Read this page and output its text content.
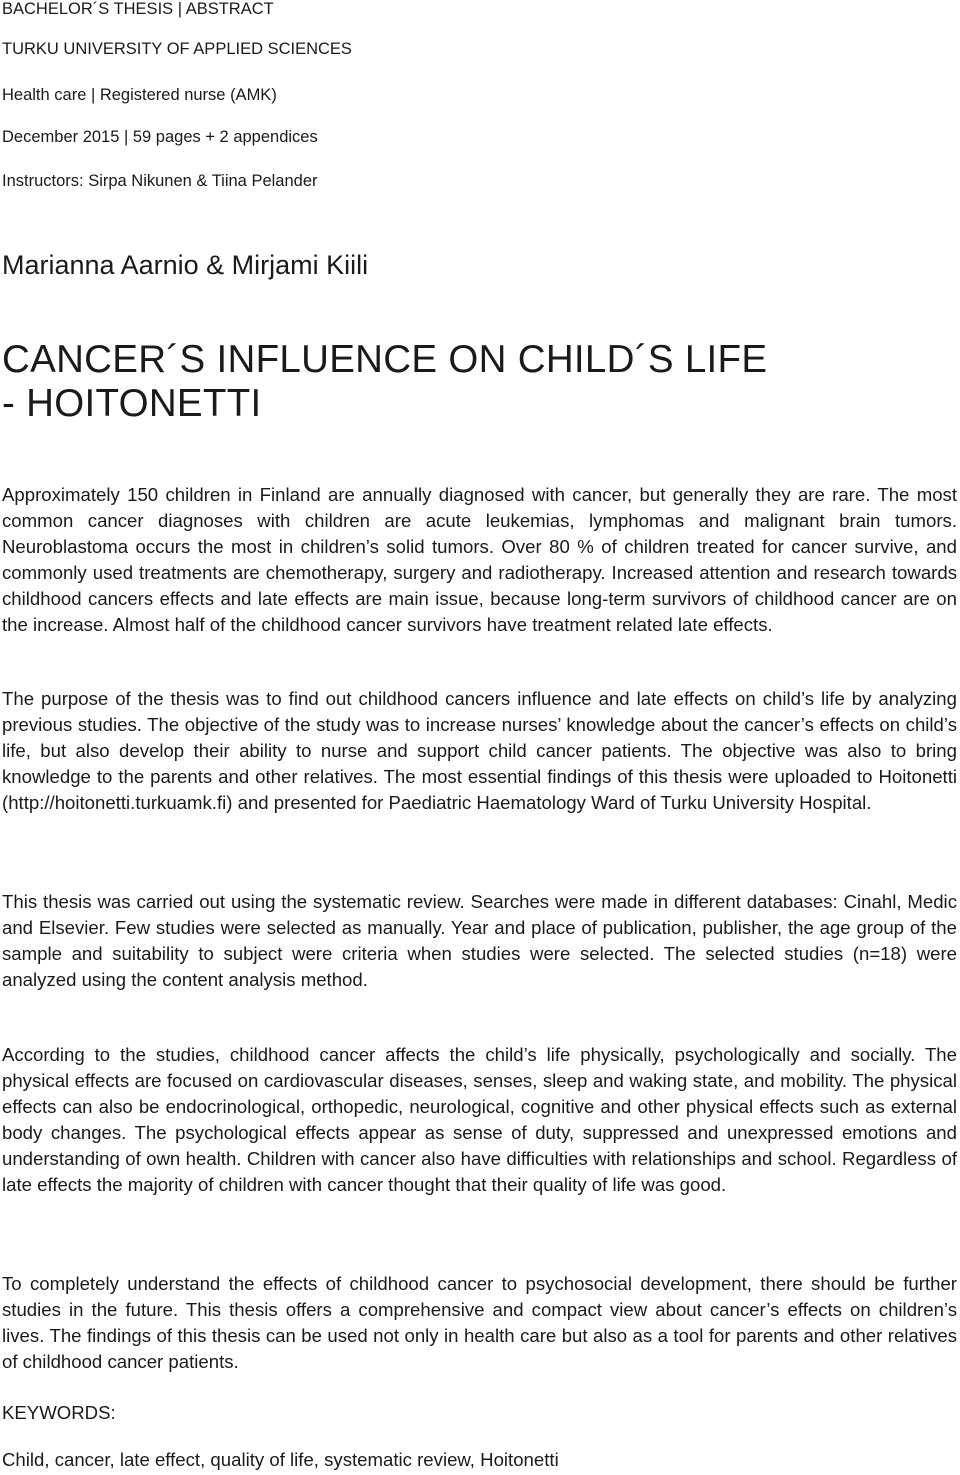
BACHELOR´S THESIS | ABSTRACT
TURKU UNIVERSITY OF APPLIED SCIENCES
Health care | Registered nurse (AMK)
December 2015 | 59 pages + 2 appendices
Instructors: Sirpa Nikunen & Tiina Pelander
Marianna Aarnio & Mirjami Kiili
CANCER´S INFLUENCE ON CHILD´S LIFE
- HOITONETTI

Approximately 150 children in Finland are annually diagnosed with cancer, but generally they are rare. The most common cancer diagnoses with children are acute leukemias, lymphomas and malignant brain tumors. Neuroblastoma occurs the most in children’s solid tumors. Over 80 % of children treated for cancer survive, and commonly used treatments are chemotherapy, surgery and radiotherapy. Increased attention and research towards childhood cancers effects and late effects are main issue, because long-term survivors of childhood cancer are on the increase. Almost half of the childhood cancer survivors have treatment related late effects.

The purpose of the thesis was to find out childhood cancers influence and late effects on child’s life by analyzing previous studies. The objective of the study was to increase nurses’ knowledge about the cancer’s effects on child’s life, but also develop their ability to nurse and support child cancer patients. The objective was also to bring knowledge to the parents and other relatives. The most essential findings of this thesis were uploaded to Hoitonetti (http://hoitonetti.turkuamk.fi) and presented for Paediatric Haematology Ward of Turku University Hospital.

This thesis was carried out using the systematic review. Searches were made in different databases: Cinahl, Medic and Elsevier. Few studies were selected as manually. Year and place of publication, publisher, the age group of the sample and suitability to subject were criteria when studies were selected. The selected studies (n=18) were analyzed using the content analysis method.

According to the studies, childhood cancer affects the child’s life physically, psychologically and socially. The physical effects are focused on cardiovascular diseases, senses, sleep and waking state, and mobility. The physical effects can also be endocrinological, orthopedic, neurological, cognitive and other physical effects such as external body changes. The psychological effects appear as sense of duty, suppressed and unexpressed emotions and understanding of own health. Children with cancer also have difficulties with relationships and school. Regardless of late effects the majority of children with cancer thought that their quality of life was good.

To completely understand the effects of childhood cancer to psychosocial development, there should be further studies in the future. This thesis offers a comprehensive and compact view about cancer’s effects on children’s lives. The findings of this thesis can be used not only in health care but also as a tool for parents and other relatives of childhood cancer patients.

KEYWORDS:
Child, cancer, late effect, quality of life, systematic review, Hoitonetti
